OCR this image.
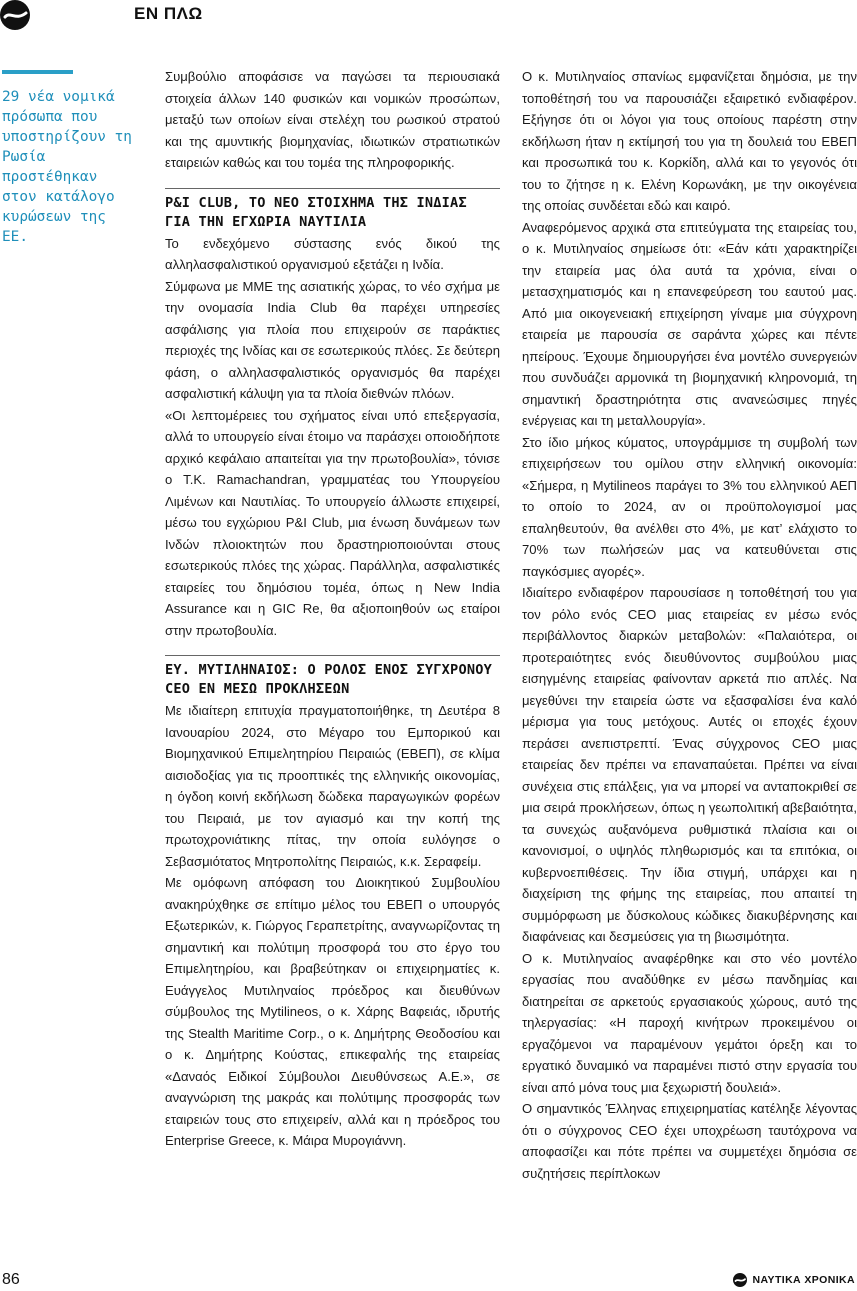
ΕΝ ΠΛΩ
29 νέα νομικά πρόσωπα που υποστηρίζουν τη Ρωσία προστέθηκαν στον κατάλογο κυρώσεων της ΕΕ.

Συμβούλιο αποφάσισε να παγώσει τα περιουσιακά στοιχεία άλλων 140 φυσικών και νομικών προσώπων, μεταξύ των οποίων είναι στελέχη του ρωσικού στρατού και της αμυντικής βιομηχανίας, ιδιωτικών στρατιωτικών εταιρειών καθώς και του τομέα της πληροφορικής.

P&I CLUB, ΤΟ ΝΕΟ ΣΤΟΙΧΗΜΑ ΤΗΣ ΙΝΔΙΑΣ ΓΙΑ ΤΗΝ ΕΓΧΩΡΙΑ ΝΑΥΤΙΛΙΑ

Το ενδεχόμενο σύστασης ενός δικού της αλληλασφαλιστικού οργανισμού εξετάζει η Ινδία.

Σύμφωνα με ΜΜΕ της ασιατικής χώρας, το νέο σχήμα με την ονομασία India Club θα παρέχει υπηρεσίες ασφάλισης για πλοία που επιχειρούν σε παράκτιες περιοχές της Ινδίας και σε εσωτερικούς πλόες. Σε δεύτερη φάση, ο αλληλασφαλιστικός οργανισμός θα παρέχει ασφαλιστική κάλυψη για τα πλοία διεθνών πλόων.

«Οι λεπτομέρειες του σχήματος είναι υπό επεξεργασία, αλλά το υπουργείο είναι έτοιμο να παράσχει οποιοδήποτε αρχικό κεφάλαιο απαιτείται για την πρωτοβουλία», τόνισε ο T.K. Ramachandran, γραμματέας του Υπουργείου Λιμένων και Ναυτιλίας. Το υπουργείο άλλωστε επιχειρεί, μέσω του εγχώριου P&I Club, μια ένωση δυνάμεων των Ινδών πλοιοκτητών που δραστηριοποιούνται στους εσωτερικούς πλόες της χώρας. Παράλληλα, ασφαλιστικές εταιρείες του δημόσιου τομέα, όπως η New India Assurance και η GIC Re, θα αξιοποιηθούν ως εταίροι στην πρωτοβουλία.

ΕΥ. ΜΥΤΙΛΗΝΑΙΟΣ: Ο ΡΟΛΟΣ ΕΝΟΣ ΣΥΓΧΡΟΝΟΥ CEO ΕΝ ΜΕΣΩ ΠΡΟΚΛΗΣΕΩΝ

Με ιδιαίτερη επιτυχία πραγματοποιήθηκε, τη Δευτέρα 8 Ιανουαρίου 2024, στο Μέγαρο του Εμπορικού και Βιομηχανικού Επιμελητηρίου Πειραιώς (ΕΒΕΠ), σε κλίμα αισιοδοξίας για τις προοπτικές της ελληνικής οικονομίας, η όγδοη κοινή εκδήλωση δώδεκα παραγωγικών φορέων του Πειραιά, με τον αγιασμό και την κοπή της πρωτοχρονιάτικης πίτας, την οποία ευλόγησε ο Σεβασμιότατος Μητροπολίτης Πειραιώς, κ.κ. Σεραφείμ.

Με ομόφωνη απόφαση του Διοικητικού Συμβουλίου ανακηρύχθηκε σε επίτιμο μέλος του ΕΒΕΠ ο υπουργός Εξωτερικών, κ. Γιώργος Γεραπετρίτης, αναγνωρίζοντας τη σημαντική και πολύτιμη προσφορά του στο έργο του Επιμελητηρίου, και βραβεύτηκαν οι επιχειρηματίες κ. Ευάγγελος Μυτιληναίος πρόεδρος και διευθύνων σύμβουλος της Mytilineos, ο κ. Χάρης Βαφειάς, ιδρυτής της Stealth Maritime Corp., ο κ. Δημήτρης Θεοδοσίου και ο κ. Δημήτρης Κούστας, επικεφαλής της εταιρείας «Δαναός Ειδικοί Σύμβουλοι Διευθύνσεως Α.Ε.», σε αναγνώριση της μακράς και πολύτιμης προσφοράς των εταιρειών τους στο επιχειρείν, αλλά και η πρόεδρος του Enterprise Greece, κ. Μάιρα Μυρογιάννη.

Ο κ. Μυτιληναίος σπανίως εμφανίζεται δημόσια, με την τοποθέτησή του να παρουσιάζει εξαιρετικό ενδιαφέρον. Εξήγησε ότι οι λόγοι για τους οποίους παρέστη στην εκδήλωση ήταν η εκτίμησή του για τη δουλειά του ΕΒΕΠ και προσωπικά του κ. Κορκίδη, αλλά και το γεγονός ότι του το ζήτησε η κ. Ελένη Κορωνάκη, με την οικογένεια της οποίας συνδέεται εδώ και καιρό.

Αναφερόμενος αρχικά στα επιτεύγματα της εταιρείας του, ο κ. Μυτιληναίος σημείωσε ότι: «Εάν κάτι χαρακτηρίζει την εταιρεία μας όλα αυτά τα χρόνια, είναι ο μετασχηματισμός και η επανεφεύρεση του εαυτού μας. Από μια οικογενειακή επιχείρηση γίναμε μια σύγχρονη εταιρεία με παρουσία σε σαράντα χώρες και πέντε ηπείρους. Έχουμε δημιουργήσει ένα μοντέλο συνεργειών που συνδυάζει αρμονικά τη βιομηχανική κληρονομιά, τη σημαντική δραστηριότητα στις ανανεώσιμες πηγές ενέργειας και τη μεταλλουργία».

Στο ίδιο μήκος κύματος, υπογράμμισε τη συμβολή των επιχειρήσεων του ομίλου στην ελληνική οικονομία: «Σήμερα, η Mytilineos παράγει το 3% του ελληνικού ΑΕΠ το οποίο το 2024, αν οι προϋπολογισμοί μας επαληθευτούν, θα ανέλθει στο 4%, με κατ’ ελάχιστο το 70% των πωλήσεών μας να κατευθύνεται στις παγκόσμιες αγορές».

Ιδιαίτερο ενδιαφέρον παρουσίασε η τοποθέτησή του για τον ρόλο ενός CEO μιας εταιρείας εν μέσω ενός περιβάλλοντος διαρκών μεταβολών: «Παλαιότερα, οι προτεραιότητες ενός διευθύνοντος συμβούλου μιας εισηγμένης εταιρείας φαίνονταν αρκετά πιο απλές. Να μεγεθύνει την εταιρεία ώστε να εξασφαλίσει ένα καλό μέρισμα για τους μετόχους. Αυτές οι εποχές έχουν περάσει ανεπιστρεπτί. Ένας σύγχρονος CEO μιας εταιρείας δεν πρέπει να επαναπαύεται. Πρέπει να είναι συνέχεια στις επάλξεις, για να μπορεί να ανταποκριθεί σε μια σειρά προκλήσεων, όπως η γεωπολιτική αβεβαιότητα, τα συνεχώς αυξανόμενα ρυθμιστικά πλαίσια και οι κανονισμοί, ο υψηλός πληθωρισμός και τα επιτόκια, οι κυβερνοεπιθέσεις. Την ίδια στιγμή, υπάρχει και η διαχείριση της φήμης της εταιρείας, που απαιτεί τη συμμόρφωση με δύσκολους κώδικες διακυβέρνησης και διαφάνειας και δεσμεύσεις για τη βιωσιμότητα.

Ο κ. Μυτιληναίος αναφέρθηκε και στο νέο μοντέλο εργασίας που αναδύθηκε εν μέσω πανδημίας και διατηρείται σε αρκετούς εργασιακούς χώρους, αυτό της τηλεργασίας: «Η παροχή κινήτρων προκειμένου οι εργαζόμενοι να παραμένουν γεμάτοι όρεξη και το εργατικό δυναμικό να παραμένει πιστό στην εργασία του είναι από μόνα τους μια ξεχωριστή δουλειά».

Ο σημαντικός Έλληνας επιχειρηματίας κατέληξε λέγοντας ότι ο σύγχρονος CEO έχει υποχρέωση ταυτόχρονα να αποφασίζει και πότε πρέπει να συμμετέχει δημόσια σε συζητήσεις περίπλοκων

86	ΝΑΥΤΙΚΑ ΧΡΟΝΙΚΑ
